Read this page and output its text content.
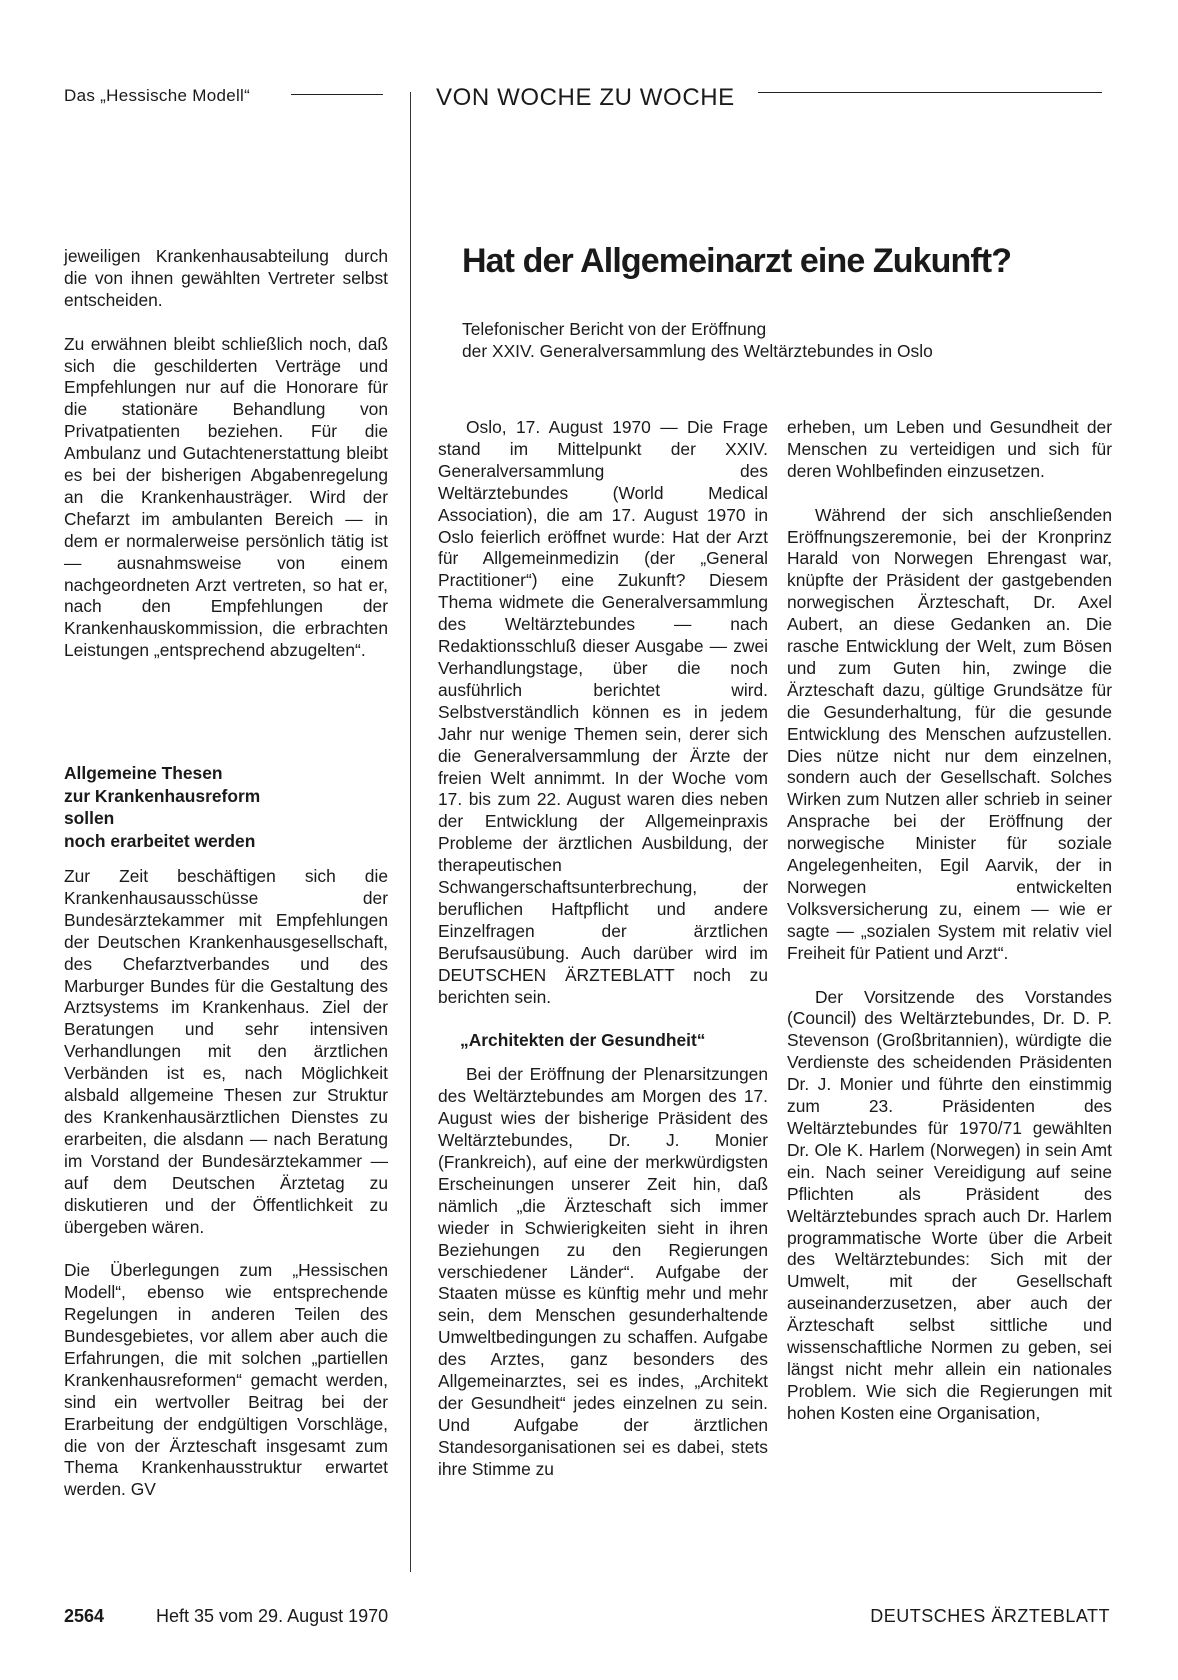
Das „Hessische Modell“	VON WOCHE ZU WOCHE

jeweiligen Krankenhausabteilung durch die von ihnen gewählten Vertreter selbst entscheiden.

Zu erwähnen bleibt schließlich noch, daß sich die geschilderten Verträge und Empfehlungen nur auf die Honorare für die stationäre Behandlung von Privatpatienten beziehen. Für die Ambulanz und Gutachtenerstattung bleibt es bei der bisherigen Abgabenregelung an die Krankenhausträger. Wird der Chefarzt im ambulanten Bereich — in dem er normalerweise persönlich tätig ist — ausnahmsweise von einem nachgeordneten Arzt vertreten, so hat er, nach den Empfehlungen der Krankenhauskommission, die erbrachten Leistungen „entsprechend abzugelten“.

Allgemeine Thesen
zur Krankenhausreform
sollen
noch erarbeitet werden

Zur Zeit beschäftigen sich die Krankenhausausschüsse der Bundesärztekammer mit Empfehlungen der Deutschen Krankenhausgesellschaft, des Chefarztverbandes und des Marburger Bundes für die Gestaltung des Arztsystems im Krankenhaus. Ziel der Beratungen und sehr intensiven Verhandlungen mit den ärztlichen Verbänden ist es, nach Möglichkeit alsbald allgemeine Thesen zur Struktur des Krankenhausärztlichen Dienstes zu erarbeiten, die alsdann — nach Beratung im Vorstand der Bundesärztekammer — auf dem Deutschen Ärztetag zu diskutieren und der Öffentlichkeit zu übergeben wären.

Die Überlegungen zum „Hessischen Modell“, ebenso wie entsprechende Regelungen in anderen Teilen des Bundesgebietes, vor allem aber auch die Erfahrungen, die mit solchen „partiellen Krankenhausreformen“ gemacht werden, sind ein wertvoller Beitrag bei der Erarbeitung der endgültigen Vorschläge, die von der Ärzteschaft insgesamt zum Thema Krankenhausstruktur erwartet werden. GV

Hat der Allgemeinarzt eine Zukunft?
Telefonischer Bericht von der Eröffnung
der XXIV. Generalversammlung des Weltärztebundes in Oslo

Oslo, 17. August 1970 — Die Frage stand im Mittelpunkt der XXIV. Generalversammlung des Weltärztebundes (World Medical Association), die am 17. August 1970 in Oslo feierlich eröffnet wurde: Hat der Arzt für Allgemeinmedizin (der „General Practitioner“) eine Zukunft? Diesem Thema widmete die Generalversammlung des Weltärztebundes — nach Redaktionsschluß dieser Ausgabe — zwei Verhandlungstage, über die noch ausführlich berichtet wird. Selbstverständlich können es in jedem Jahr nur wenige Themen sein, derer sich die Generalversammlung der Ärzte der freien Welt annimmt. In der Woche vom 17. bis zum 22. August waren dies neben der Entwicklung der Allgemeinpraxis Probleme der ärztlichen Ausbildung, der therapeutischen Schwangerschaftsunterbrechung, der beruflichen Haftpflicht und andere Einzelfragen der ärztlichen Berufsausübung. Auch darüber wird im DEUTSCHEN ÄRZTEBLATT noch zu berichten sein.

„Architekten der Gesundheit“

Bei der Eröffnung der Plenarsitzungen des Weltärztebundes am Morgen des 17. August wies der bisherige Präsident des Weltärztebundes, Dr. J. Monier (Frankreich), auf eine der merkwürdigsten Erscheinungen unserer Zeit hin, daß nämlich „die Ärzteschaft sich immer wieder in Schwierigkeiten sieht in ihren Beziehungen zu den Regierungen verschiedener Länder“. Aufgabe der Staaten müsse es künftig mehr und mehr sein, dem Menschen gesunderhaltende Umweltbedingungen zu schaffen. Aufgabe des Arztes, ganz besonders des Allgemeinarztes, sei es indes, „Architekt der Gesundheit“ jedes einzelnen zu sein. Und Aufgabe der ärztlichen Standesorganisationen sei es dabei, stets ihre Stimme zu

erheben, um Leben und Gesundheit der Menschen zu verteidigen und sich für deren Wohlbefinden einzusetzen.

Während der sich anschließenden Eröffnungszeremonie, bei der Kronprinz Harald von Norwegen Ehrengast war, knüpfte der Präsident der gastgebenden norwegischen Ärzteschaft, Dr. Axel Aubert, an diese Gedanken an. Die rasche Entwicklung der Welt, zum Bösen und zum Guten hin, zwinge die Ärzteschaft dazu, gültige Grundsätze für die Gesunderhaltung, für die gesunde Entwicklung des Menschen aufzustellen. Dies nütze nicht nur dem einzelnen, sondern auch der Gesellschaft. Solches Wirken zum Nutzen aller schrieb in seiner Ansprache bei der Eröffnung der norwegische Minister für soziale Angelegenheiten, Egil Aarvik, der in Norwegen entwickelten Volksversicherung zu, einem — wie er sagte — „sozialen System mit relativ viel Freiheit für Patient und Arzt“.

Der Vorsitzende des Vorstandes (Council) des Weltärztebundes, Dr. D. P. Stevenson (Großbritannien), würdigte die Verdienste des scheidenden Präsidenten Dr. J. Monier und führte den einstimmig zum 23. Präsidenten des Weltärztebundes für 1970/71 gewählten Dr. Ole K. Harlem (Norwegen) in sein Amt ein. Nach seiner Vereidigung auf seine Pflichten als Präsident des Weltärztebundes sprach auch Dr. Harlem programmatische Worte über die Arbeit des Weltärztebundes: Sich mit der Umwelt, mit der Gesellschaft auseinanderzusetzen, aber auch der Ärzteschaft selbst sittliche und wissenschaftliche Normen zu geben, sei längst nicht mehr allein ein nationales Problem. Wie sich die Regierungen mit hohen Kosten eine Organisation,

2564	Heft 35 vom 29. August 1970	DEUTSCHES ÄRZTEBLATT
